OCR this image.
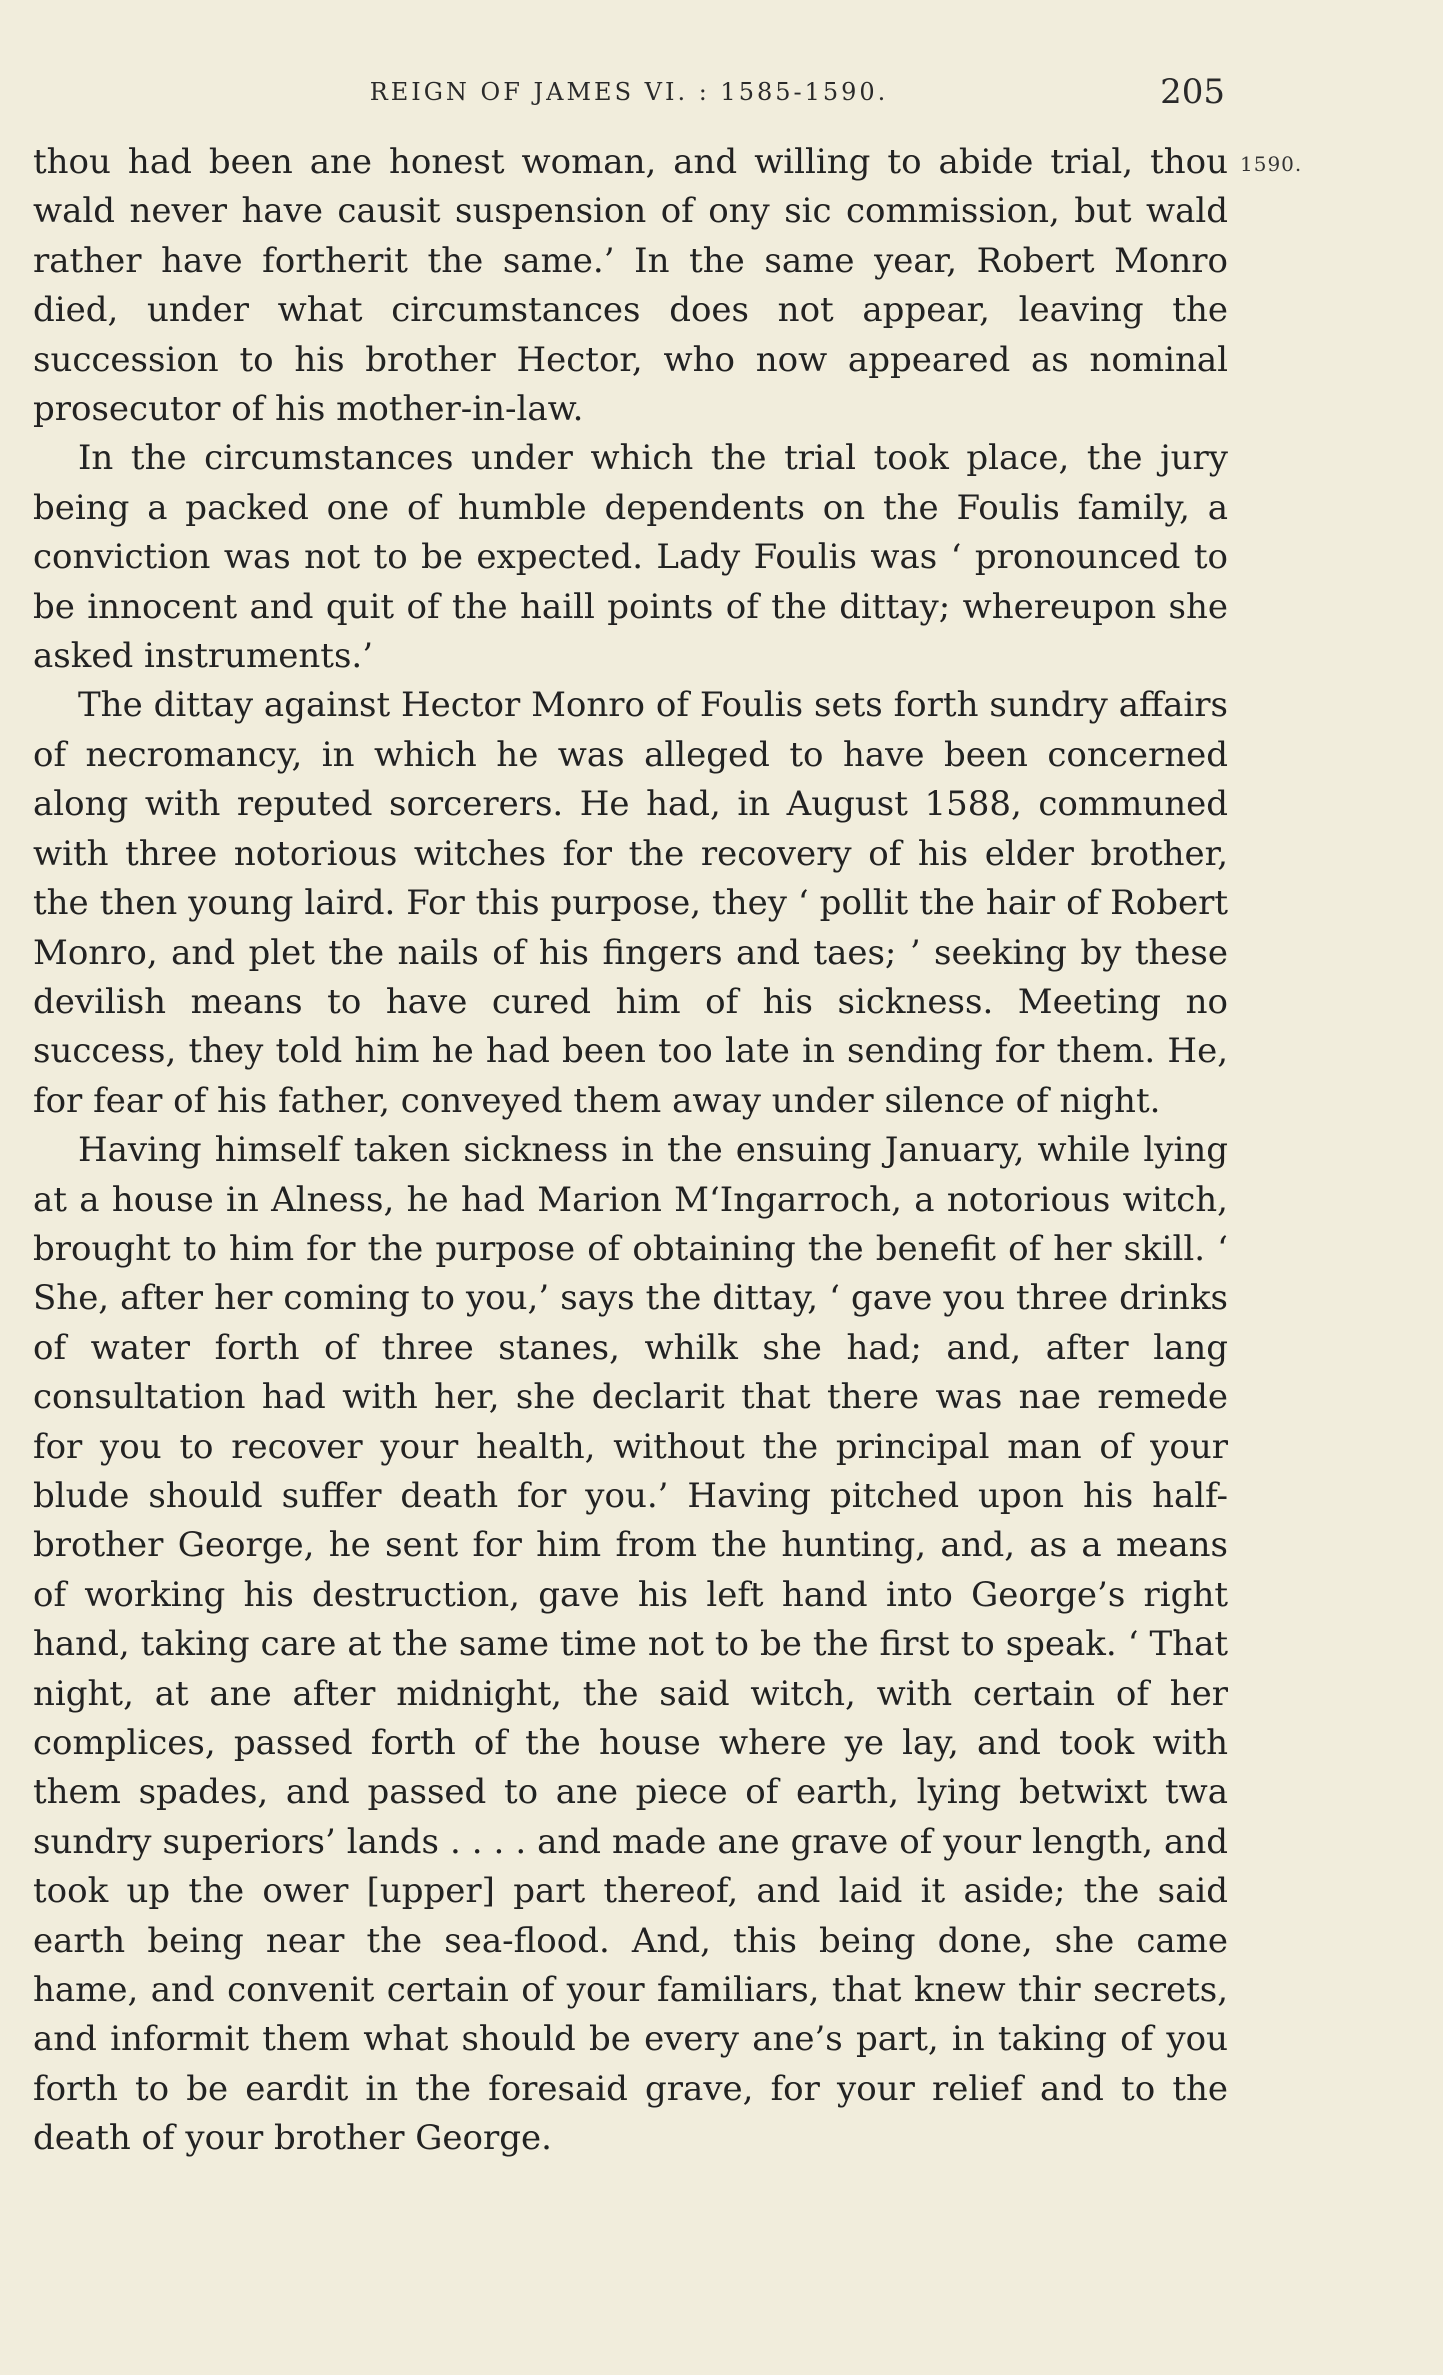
REIGN OF JAMES VI. : 1585-1590.	205
1590.

thou had been ane honest woman, and willing to abide trial, thou wald never have causit suspension of ony sic commission, but wald rather have fortherit the same.’ In the same year, Robert Monro died, under what circumstances does not appear, leaving the succession to his brother Hector, who now appeared as nominal prosecutor of his mother-in-law.

In the circumstances under which the trial took place, the jury being a packed one of humble dependents on the Foulis family, a conviction was not to be expected. Lady Foulis was ‘ pronounced to be innocent and quit of the haill points of the dittay; whereupon she asked instruments.’

The dittay against Hector Monro of Foulis sets forth sundry affairs of necromancy, in which he was alleged to have been concerned along with reputed sorcerers. He had, in August 1588, communed with three notorious witches for the recovery of his elder brother, the then young laird. For this purpose, they ‘ pollit the hair of Robert Monro, and plet the nails of his fingers and taes; ’ seeking by these devilish means to have cured him of his sickness. Meeting no success, they told him he had been too late in sending for them. He, for fear of his father, conveyed them away under silence of night.

Having himself taken sickness in the ensuing January, while lying at a house in Alness, he had Marion M‘Ingarroch, a notorious witch, brought to him for the purpose of obtaining the benefit of her skill. ‘ She, after her coming to you,’ says the dittay, ‘ gave you three drinks of water forth of three stanes, whilk she had; and, after lang consultation had with her, she declarit that there was nae remede for you to recover your health, without the principal man of your blude should suffer death for you.’ Having pitched upon his half-brother George, he sent for him from the hunting, and, as a means of working his destruction, gave his left hand into George’s right hand, taking care at the same time not to be the first to speak. ‘ That night, at ane after midnight, the said witch, with certain of her complices, passed forth of the house where ye lay, and took with them spades, and passed to ane piece of earth, lying betwixt twa sundry superiors’ lands . . . . and made ane grave of your length, and took up the ower [upper] part thereof, and laid it aside; the said earth being near the sea-flood. And, this being done, she came hame, and convenit certain of your familiars, that knew thir secrets, and informit them what should be every ane’s part, in taking of you forth to be eardit in the foresaid grave, for your relief and to the death of your brother George.
